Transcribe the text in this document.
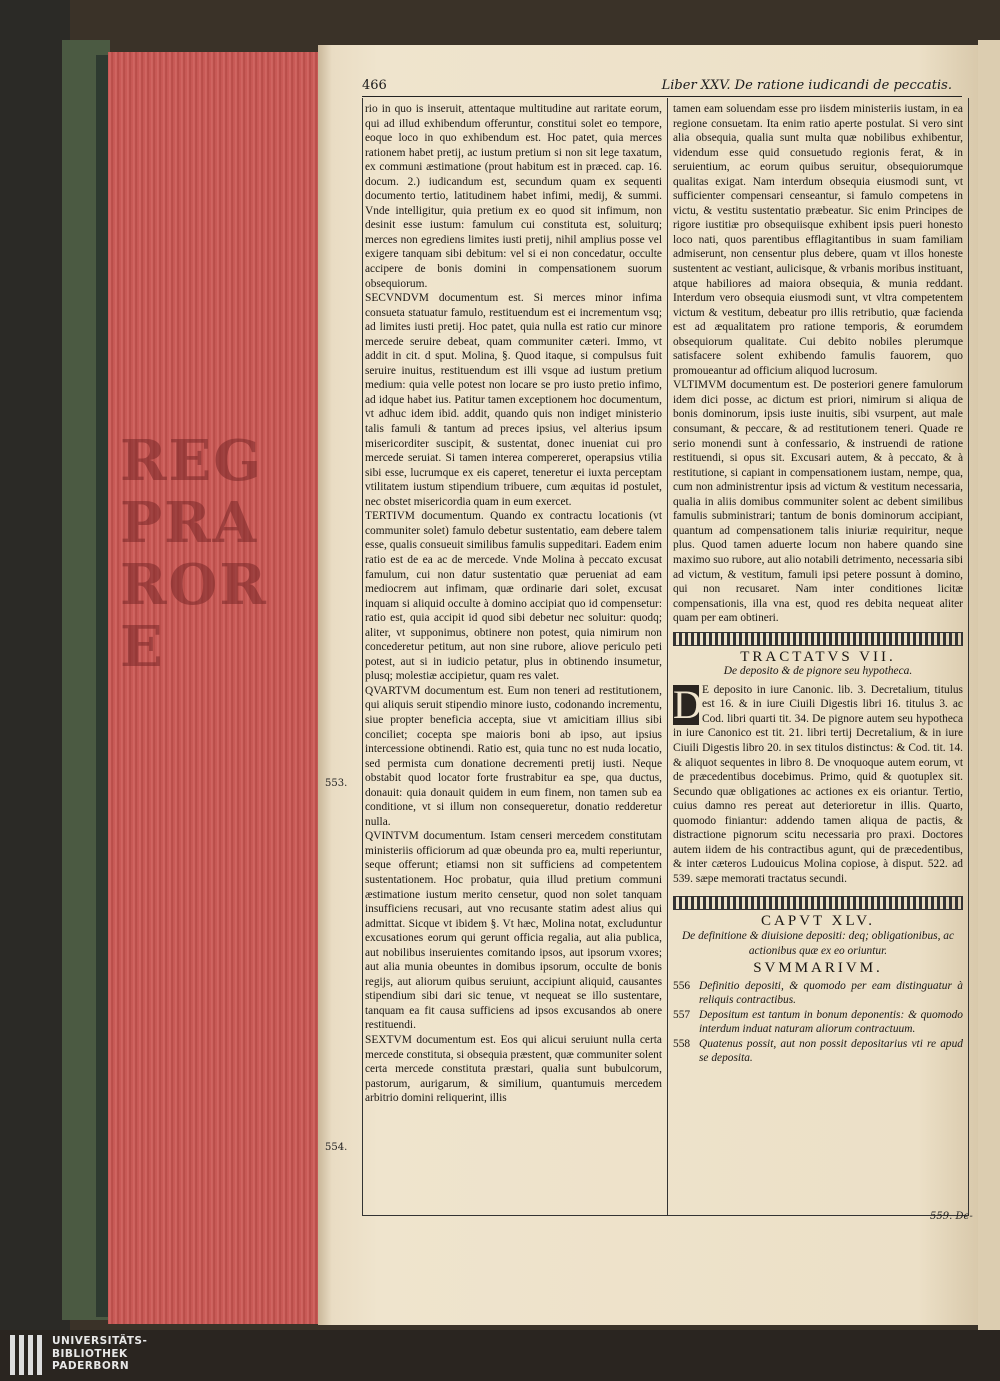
REG
PRA
ROR
E
466	Liber XXV. De ratione iudicandi de peccatis.
553.
554.

rio in quo is inseruit, attentaque multitudine aut raritate eorum, qui ad illud exhibendum offeruntur, constitui solet eo tempore, eoque loco in quo exhibendum est. Hoc patet, quia merces rationem habet pretij, ac iustum pretium si non sit lege taxatum, ex communi æstimatione (prout habitum est in præced. cap. 16. docum. 2.) iudicandum est, secundum quam ex sequenti documento tertio, latitudinem habet infimi, medij, & summi. Vnde intelligitur, quia pretium ex eo quod sit infimum, non desinit esse iustum: famulum cui constituta est, soluiturq; merces non egrediens limites iusti pretij, nihil amplius posse vel exigere tanquam sibi debitum: vel si ei non concedatur, occulte accipere de bonis domini in compensationem suorum obsequiorum.

SECVNDVM documentum est. Si merces minor infima consueta statuatur famulo, restituendum est ei incrementum vsq; ad limites iusti pretij. Hoc patet, quia nulla est ratio cur minore mercede seruire debeat, quam communiter cæteri. Immo, vt addit in cit. d sput. Molina, §. Quod itaque, si compulsus fuit seruire inuitus, restituendum est illi vsque ad iustum pretium medium: quia velle potest non locare se pro iusto pretio infimo, ad idque habet ius. Patitur tamen exceptionem hoc documentum, vt adhuc idem ibid. addit, quando quis non indiget ministerio talis famuli & tantum ad preces ipsius, vel alterius ipsum misericorditer suscipit, & sustentat, donec inueniat cui pro mercede seruiat. Si tamen interea compereret, operapsius vtilia sibi esse, lucrumque ex eis caperet, teneretur ei iuxta perceptam vtilitatem iustum stipendium tribuere, cum æquitas id postulet, nec obstet misericordia quam in eum exercet.

TERTIVM documentum. Quando ex contractu locationis (vt communiter solet) famulo debetur sustentatio, eam debere talem esse, qualis consueuit similibus famulis suppeditari. Eadem enim ratio est de ea ac de mercede. Vnde Molina à peccato excusat famulum, cui non datur sustentatio quæ perueniat ad eam mediocrem aut infimam, quæ ordinarie dari solet, excusat inquam si aliquid occulte à domino accipiat quo id compensetur: ratio est, quia accipit id quod sibi debetur nec soluitur: quodq; aliter, vt supponimus, obtinere non potest, quia nimirum non concederetur petitum, aut non sine rubore, aliove periculo peti potest, aut si in iudicio petatur, plus in obtinendo insumetur, plusq; molestiæ accipietur, quam res valet.

QVARTVM documentum est. Eum non teneri ad restitutionem, qui aliquis seruit stipendio minore iusto, codonando incrementu, siue propter beneficia accepta, siue vt amicitiam illius sibi conciliet; cocepta spe maioris boni ab ipso, aut ipsius intercessione obtinendi. Ratio est, quia tunc no est nuda locatio, sed permista cum donatione decrementi pretij iusti. Neque obstabit quod locator forte frustrabitur ea spe, qua ductus, donauit: quia donauit quidem in eum finem, non tamen sub ea conditione, vt si illum non consequeretur, donatio redderetur nulla.

QVINTVM documentum. Istam censeri mercedem constitutam ministeriis officiorum ad quæ obeunda pro ea, multi reperiuntur, seque offerunt; etiamsi non sit sufficiens ad competentem sustentationem. Hoc probatur, quia illud pretium communi æstimatione iustum merito censetur, quod non solet tanquam insufficiens recusari, aut vno recusante statim adest alius qui admittat. Sicque vt ibidem §. Vt hæc, Molina notat, excluduntur excusationes eorum qui gerunt officia regalia, aut alia publica, aut nobilibus inseruientes comitando ipsos, aut ipsorum vxores; aut alia munia obeuntes in domibus ipsorum, occulte de bonis regijs, aut aliorum quibus seruiunt, accipiunt aliquid, causantes stipendium sibi dari sic tenue, vt nequeat se illo sustentare, tanquam ea fit causa sufficiens ad ipsos excusandos ab onere restituendi.

SEXTVM documentum est. Eos qui alicui seruiunt nulla certa mercede constituta, si obsequia præstent, quæ communiter solent certa mercede constituta præstari, qualia sunt bubulcorum, pastorum, aurigarum, & similium, quantumuis mercedem arbitrio domini reliquerint, illis

tamen eam soluendam esse pro iisdem ministeriis iustam, in ea regione consuetam. Ita enim ratio aperte postulat. Si vero sint alia obsequia, qualia sunt multa quæ nobilibus exhibentur, videndum esse quid consuetudo regionis ferat, & in seruientium, ac eorum quibus seruitur, obsequiorumque qualitas exigat. Nam interdum obsequia eiusmodi sunt, vt sufficienter compensari censeantur, si famulo competens in victu, & vestitu sustentatio præbeatur. Sic enim Principes de rigore iustitiæ pro obsequiisque exhibent ipsis pueri honesto loco nati, quos parentibus efflagitantibus in suam familiam admiserunt, non censentur plus debere, quam vt illos honeste sustentent ac vestiant, aulicisque, & vrbanis moribus instituant, atque habiliores ad maiora obsequia, & munia reddant. Interdum vero obsequia eiusmodi sunt, vt vltra competentem victum & vestitum, debeatur pro illis retributio, quæ facienda est ad æqualitatem pro ratione temporis, & eorumdem obsequiorum qualitate. Cui debito nobiles plerumque satisfacere solent exhibendo famulis fauorem, quo promoueantur ad officium aliquod lucrosum.

VLTIMVM documentum est. De posteriori genere famulorum idem dici posse, ac dictum est priori, nimirum si aliqua de bonis dominorum, ipsis iuste inuitis, sibi vsurpent, aut male consumant, & peccare, & ad restitutionem teneri. Quade re serio monendi sunt à confessario, & instruendi de ratione restituendi, si opus sit. Excusari autem, & à peccato, & à restitutione, si capiant in compensationem iustam, nempe, qua, cum non administrentur ipsis ad victum & vestitum necessaria, qualia in aliis domibus communiter solent ac debent similibus famulis subministrari; tantum de bonis dominorum accipiant, quantum ad compensationem talis iniuriæ requiritur, neque plus. Quod tamen aduerte locum non habere quando sine maximo suo rubore, aut alio notabili detrimento, necessaria sibi ad victum, & vestitum, famuli ipsi petere possunt à domino, qui non recusaret. Nam inter conditiones licitæ compensationis, illa vna est, quod res debita nequeat aliter quam per eam obtineri.

TRACTATVS VII.
De deposito & de pignore seu hypotheca.

D E deposito in iure Canonic. lib. 3. Decretalium, titulus est 16. & in iure Ciuili Digestis libri 16. titulus 3. ac Cod. libri quarti tit. 34. De pignore autem seu hypotheca in iure Canonico est tit. 21. libri tertij Decretalium, & in iure Ciuili Digestis libro 20. in sex titulos distinctus: & Cod. tit. 14. & aliquot sequentes in libro 8. De vnoquoque autem eorum, vt de præcedentibus docebimus. Primo, quid & quotuplex sit. Secundo quæ obligationes ac actiones ex eis oriantur. Tertio, cuius damno res pereat aut deterioretur in illis. Quarto, quomodo finiantur: addendo tamen aliqua de pactis, & distractione pignorum scitu necessaria pro praxi. Doctores autem iidem de his contractibus agunt, qui de præcedentibus, & inter cæteros Ludouicus Molina copiose, à disput. 522. ad 539. sæpe memorati tractatus secundi.

CAPVT XLV.
De definitione & diuisione depositi: deq; obligationibus, ac actionibus quæ ex eo oriuntur.
SVMMARIVM.
556 Definitio depositi, & quomodo per eam distinguatur à reliquis contractibus.
557 Depositum est tantum in bonum deponentis: & quomodo interdum induat naturam aliorum contractuum.
558 Quatenus possit, aut non possit depositarius vti re apud se deposita.
559. De-
UNIVERSITÄTS-
BIBLIOTHEK
PADERBORN
